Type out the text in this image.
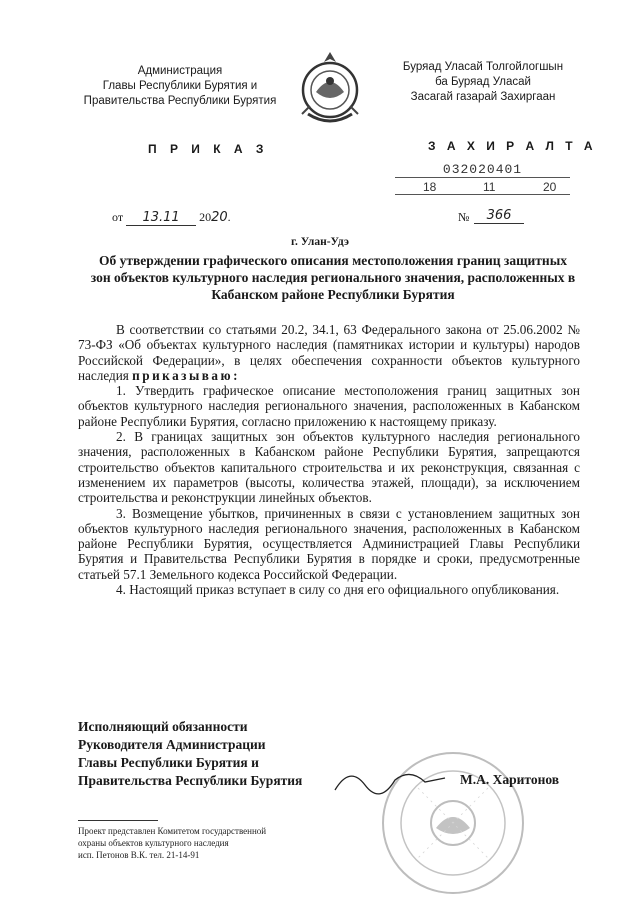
Администрация
Главы Республики Бурятия и
Правительства Республики Бурятия
Буряад Уласай Толгойлогшын
ба Буряад Уласай
Засагай газарай Захиргаан
П Р И К А З	З А Х И Р А Л Т А
032020401
18	11	20
от 13.11 2020.	№	366
г. Улан-Удэ
Об утверждении графического описания местоположения границ защитных зон объектов культурного наследия регионального значения, расположенных в Кабанском районе Республики Бурятия

В соответствии со статьями 20.2, 34.1, 63 Федерального закона от 25.06.2002 № 73-ФЗ «Об объектах культурного наследия (памятниках истории и культуры) народов Российской Федерации», в целях обеспечения сохранности объектов культурного наследия приказываю:

1. Утвердить графическое описание местоположения границ защитных зон объектов культурного наследия регионального значения, расположенных в Кабанском районе Республики Бурятия, согласно приложению к настоящему приказу.

2. В границах защитных зон объектов культурного наследия регионального значения, расположенных в Кабанском районе Республики Бурятия, запрещаются строительство объектов капитального строительства и их реконструкция, связанная с изменением их параметров (высоты, количества этажей, площади), за исключением строительства и реконструкции линейных объектов.

3. Возмещение убытков, причиненных в связи с установлением защитных зон объектов культурного наследия регионального значения, расположенных в Кабанском районе Республики Бурятия, осуществляется Администрацией Главы Республики Бурятия и Правительства Республики Бурятия в порядке и сроки, предусмотренные статьей 57.1 Земельного кодекса Российской Федерации.

4. Настоящий приказ вступает в силу со дня его официального опубликования.

Исполняющий обязанности
Руководителя Администрации
Главы Республики Бурятия и
Правительства Республики Бурятия	М.А. Харитонов
Проект представлен Комитетом государственной
охраны объектов культурного наследия
исп. Петонов В.К. тел. 21-14-91
